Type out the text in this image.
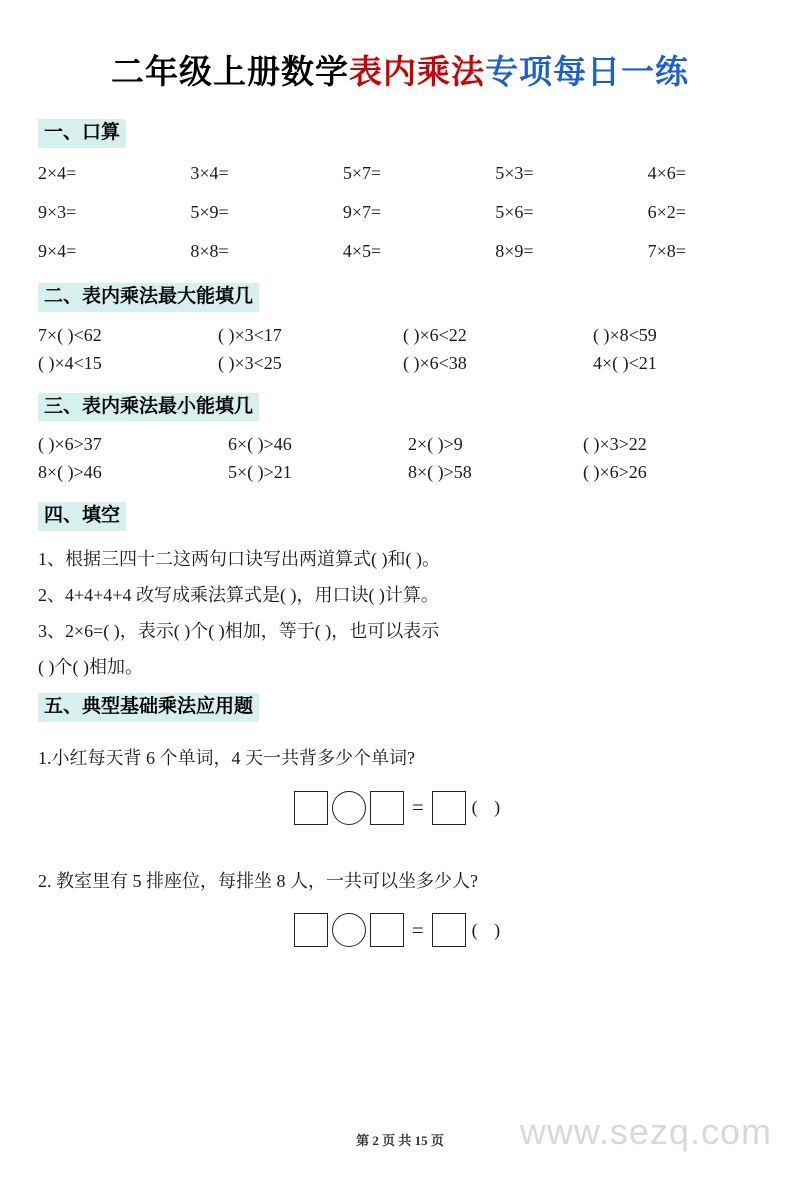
二年级上册数学表内乘法专项每日一练
一、口算
2×4=	3×4=	5×7=	5×3=	4×6=
9×3=	5×9=	9×7=	5×6=	6×2=
9×4=	8×8=	4×5=	8×9=	7×8=
二、表内乘法最大能填几
7×( )<62	( )×3<17	( )×6<22	( )×8<59
( )×4<15	( )×3<25	( )×6<38	4×( )<21
三、表内乘法最小能填几
( )×6>37	6×( )>46	2×( )>9	( )×3>22
8×( )>46	5×( )>21	8×( )>58	( )×6>26
四、填空
1、根据三四十二这两句口诀写出两道算式( )和( )。
2、4+4+4+4 改写成乘法算式是( )，用口诀( )计算。
3、2×6=( )，表示( )个( )相加，等于( )，也可以表示
( )个( )相加。
五、典型基础乘法应用题
1.小红每天背 6 个单词，4 天一共背多少个单词?
=	( )
2. 教室里有 5 排座位，每排坐 8 人，一共可以坐多少人?
=	( )
www.sezq.com
第 2 页 共 15 页
